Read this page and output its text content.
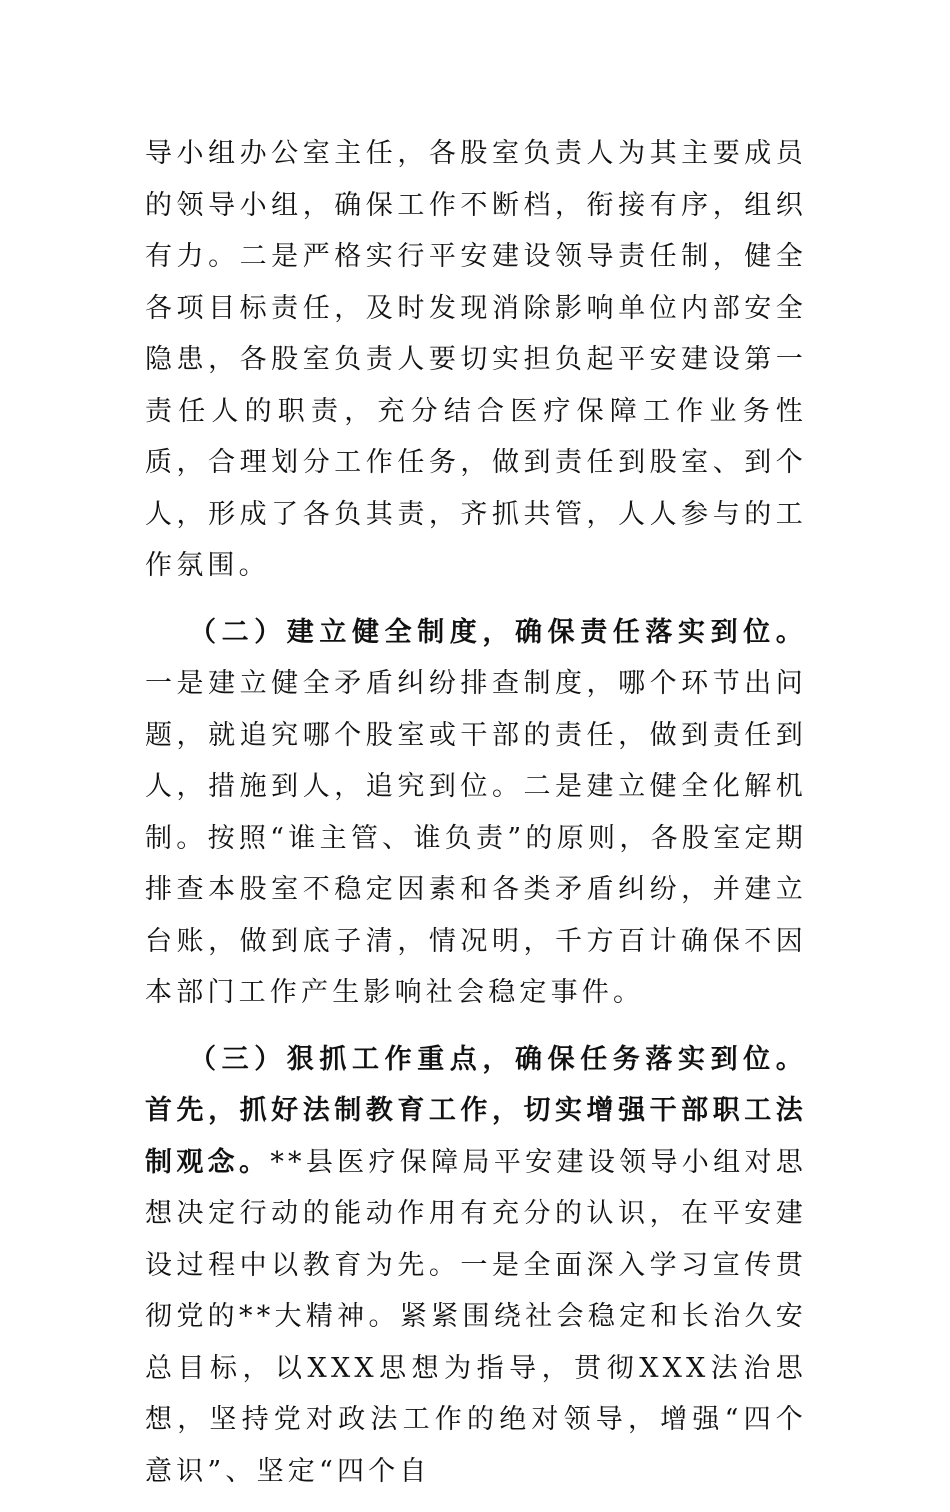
导小组办公室主任，各股室负责人为其主要成员的领导小组，确保工作不断档，衔接有序，组织有力。二是严格实行平安建设领导责任制，健全各项目标责任，及时发现消除影响单位内部安全隐患，各股室负责人要切实担负起平安建设第一责任人的职责，充分结合医疗保障工作业务性质，合理划分工作任务，做到责任到股室、到个人，形成了各负其责，齐抓共管，人人参与的工作氛围。

（二）建立健全制度，确保责任落实到位。一是建立健全矛盾纠纷排查制度，哪个环节出问题，就追究哪个股室或干部的责任，做到责任到人，措施到人，追究到位。二是建立健全化解机制。按照“谁主管、谁负责”的原则，各股室定期排查本股室不稳定因素和各类矛盾纠纷，并建立台账，做到底子清，情况明，千方百计确保不因本部门工作产生影响社会稳定事件。

（三）狠抓工作重点，确保任务落实到位。首先，抓好法制教育工作，切实增强干部职工法制观念。**县医疗保障局平安建设领导小组对思想决定行动的能动作用有充分的认识，在平安建设过程中以教育为先。一是全面深入学习宣传贯彻党的**大精神。紧紧围绕社会稳定和长治久安总目标，以XXX思想为指导，贯彻XXX法治思想，坚持党对政法工作的绝对领导，增强“四个意识”、坚定“四个自
